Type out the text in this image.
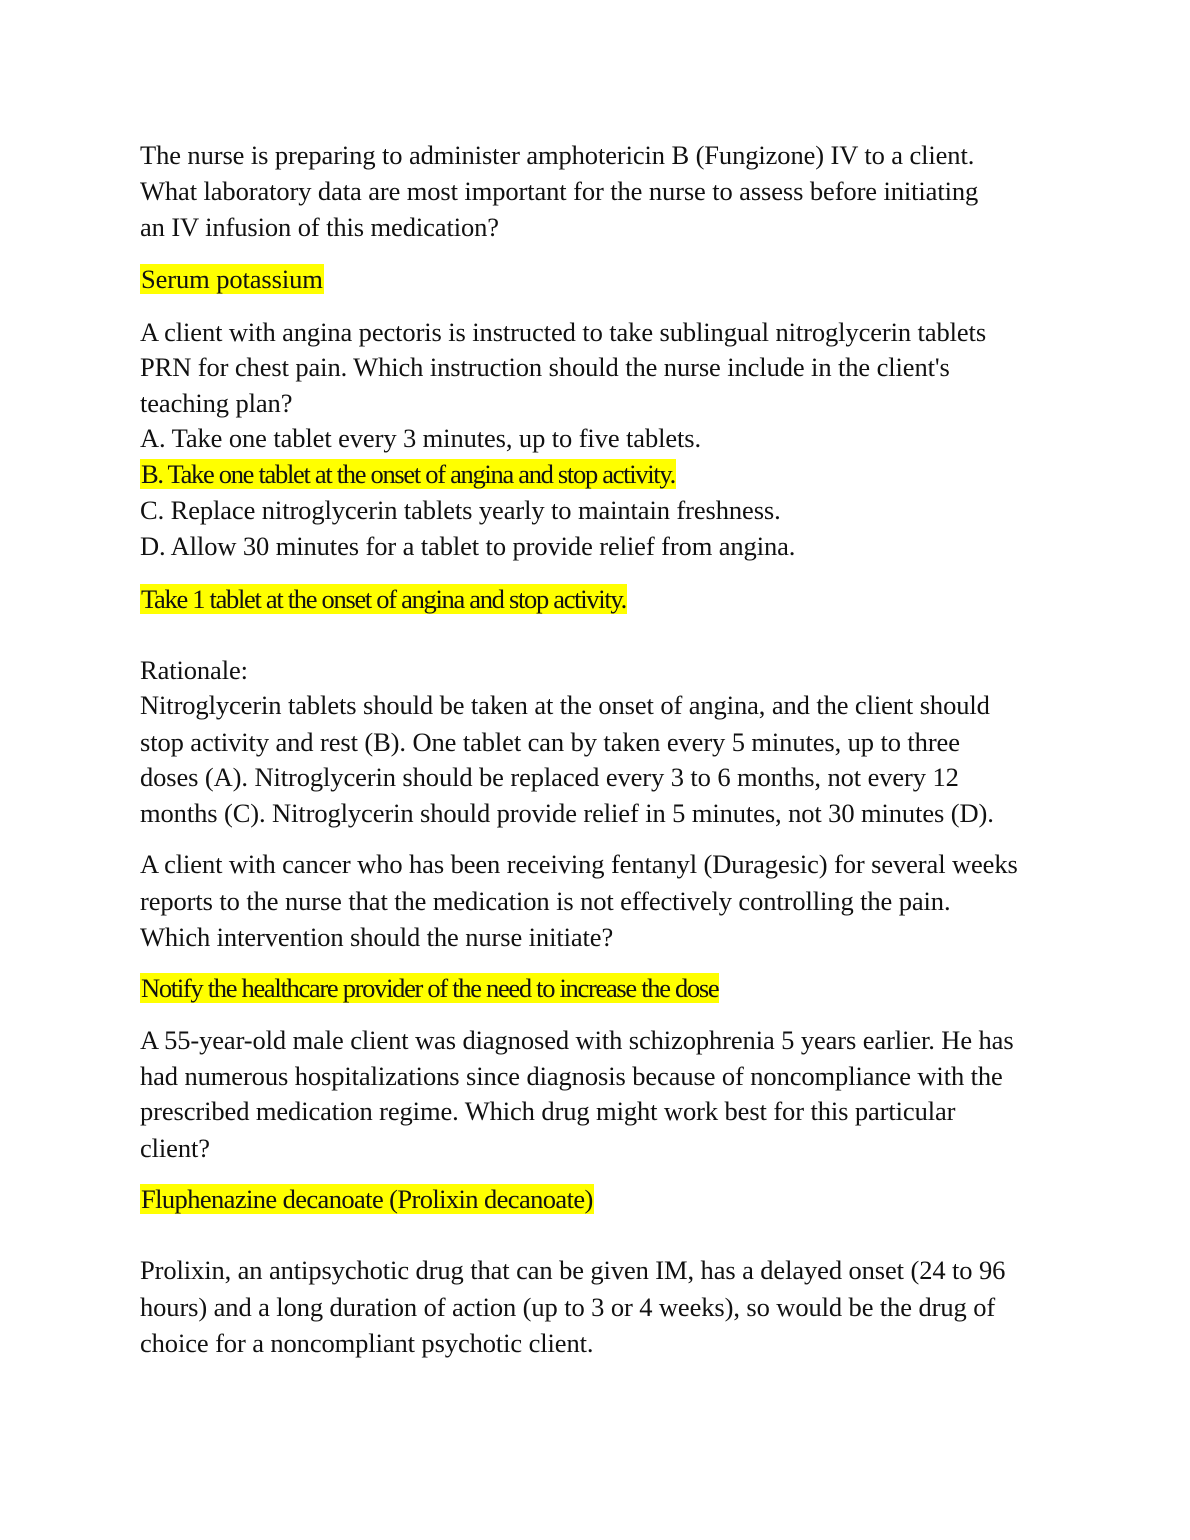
The nurse is preparing to administer amphotericin B (Fungizone) IV to a client.
What laboratory data are most important for the nurse to assess before initiating
an IV infusion of this medication?
Serum potassium
A client with angina pectoris is instructed to take sublingual nitroglycerin tablets
PRN for chest pain. Which instruction should the nurse include in the client's
teaching plan?
A. Take one tablet every 3 minutes, up to five tablets.
B. Take one tablet at the onset of angina and stop activity.
C. Replace nitroglycerin tablets yearly to maintain freshness.
D. Allow 30 minutes for a tablet to provide relief from angina.
Take 1 tablet at the onset of angina and stop activity.
Rationale:
Nitroglycerin tablets should be taken at the onset of angina, and the client should
stop activity and rest (B). One tablet can by taken every 5 minutes, up to three
doses (A). Nitroglycerin should be replaced every 3 to 6 months, not every 12
months (C). Nitroglycerin should provide relief in 5 minutes, not 30 minutes (D).
A client with cancer who has been receiving fentanyl (Duragesic) for several weeks
reports to the nurse that the medication is not effectively controlling the pain.
Which intervention should the nurse initiate?
Notify the healthcare provider of the need to increase the dose
A 55-year-old male client was diagnosed with schizophrenia 5 years earlier. He has
had numerous hospitalizations since diagnosis because of noncompliance with the
prescribed medication regime. Which drug might work best for this particular
client?
Fluphenazine decanoate (Prolixin decanoate)
Prolixin, an antipsychotic drug that can be given IM, has a delayed onset (24 to 96
hours) and a long duration of action (up to 3 or 4 weeks), so would be the drug of
choice for a noncompliant psychotic client.
